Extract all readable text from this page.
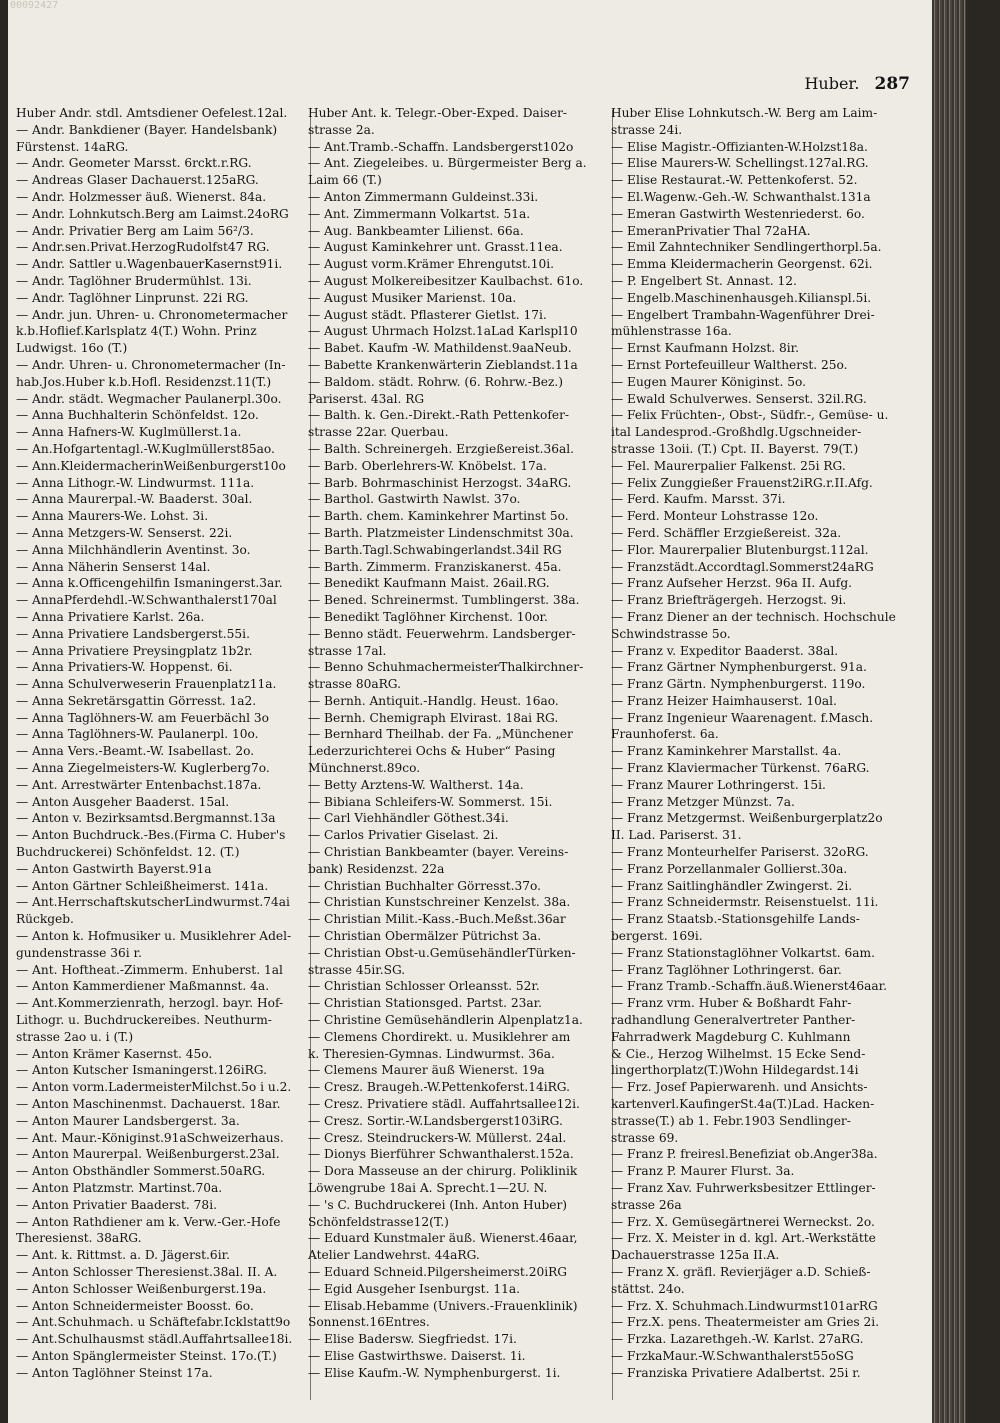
00092427
Huber. 287
Huber Andr. stdl. Amtsdiener Oefelest.12al.
— Andr. Bankdiener (Bayer. Handelsbank)
Fürstenst. 14aRG.
— Andr. Geometer Marsst. 6rckt.r.RG.
— Andreas Glaser Dachauerst.125aRG.
— Andr. Holzmesser äuß. Wienerst. 84a.
— Andr. Lohnkutsch.Berg am Laimst.24oRG
— Andr. Privatier Berg am Laim 56²/3.
— Andr.sen.Privat.HerzogRudolfst47 RG.
— Andr. Sattler u.WagenbauerKasernst91i.
— Andr. Taglöhner Brudermühlst. 13i.
— Andr. Taglöhner Linprunst. 22i RG.
— Andr. jun. Uhren- u. Chronometermacher
k.b.Hoflief.Karlsplatz 4(T.) Wohn. Prinz
Ludwigst. 16o (T.)
— Andr. Uhren- u. Chronometermacher (In-
hab.Jos.Huber k.b.Hofl. Residenzst.11(T.)
— Andr. städt. Wegmacher Paulanerpl.30o.
— Anna Buchhalterin Schönfeldst. 12o.
— Anna Hafners-W. Kuglmüllerst.1a.
— An.Hofgartentagl.-W.Kuglmüllerst85ao.
— Ann.KleidermacherinWeißenburgerst10o
— Anna Lithogr.-W. Lindwurmst. 111a.
— Anna Maurerpal.-W. Baaderst. 30al.
— Anna Maurers-We. Lohst. 3i.
— Anna Metzgers-W. Senserst. 22i.
— Anna Milchhändlerin Aventinst. 3o.
— Anna Näherin Senserst 14al.
— Anna k.Officengehilfin Ismaningerst.3ar.
— AnnaPferdehdl.-W.Schwanthalerst170al
— Anna Privatiere Karlst. 26a.
— Anna Privatiere Landsbergerst.55i.
— Anna Privatiere Preysingplatz 1b2r.
— Anna Privatiers-W. Hoppenst. 6i.
— Anna Schulverweserin Frauenplatz11a.
— Anna Sekretärsgattin Görresst. 1a2.
— Anna Taglöhners-W. am Feuerbächl 3o
— Anna Taglöhners-W. Paulanerpl. 10o.
— Anna Vers.-Beamt.-W. Isabellast. 2o.
— Anna Ziegelmeisters-W. Kuglerberg7o.
— Ant. Arrestwärter Entenbachst.187a.
— Anton Ausgeher Baaderst. 15al.
— Anton v. Bezirksamtsd.Bergmannst.13a
— Anton Buchdruck.-Bes.(Firma C. Huber's
Buchdruckerei) Schönfeldst. 12. (T.)
— Anton Gastwirth Bayerst.91a
— Anton Gärtner Schleißheimerst. 141a.
— Ant.HerrschaftskutscherLindwurmst.74ai
Rückgeb.
— Anton k. Hofmusiker u. Musiklehrer Adel-
gundenstrasse 36i r.
— Ant. Hoftheat.-Zimmerm. Enhuberst. 1al
— Anton Kammerdiener Maßmannst. 4a.
— Ant.Kommerzienrath, herzogl. bayr. Hof-
Lithogr. u. Buchdruckereibes. Neuthurm-
strasse 2ao u. i (T.)
— Anton Krämer Kasernst. 45o.
— Anton Kutscher Ismaningerst.126iRG.
— Anton vorm.LadermeisterMilchst.5o i u.2.
— Anton Maschinenmst. Dachauerst. 18ar.
— Anton Maurer Landsbergerst. 3a.
— Ant. Maur.-Königinst.91aSchweizerhaus.
— Anton Maurerpal. Weißenburgerst.23al.
— Anton Obsthändler Sommerst.50aRG.
— Anton Platzmstr. Martinst.70a.
— Anton Privatier Baaderst. 78i.
— Anton Rathdiener am k. Verw.-Ger.-Hofe
Theresienst. 38aRG.
— Ant. k. Rittmst. a. D. Jägerst.6ir.
— Anton Schlosser Theresienst.38al. II. A.
— Anton Schlosser Weißenburgerst.19a.
— Anton Schneidermeister Boosst. 6o.
— Ant.Schuhmach. u Schäftefabr.Icklstatt9o
— Ant.Schulhausmst städl.Auffahrtsallee18i.
— Anton Spänglermeister Steinst. 17o.(T.)
— Anton Taglöhner Steinst 17a.
Huber Ant. k. Telegr.-Ober-Exped. Daiser-
strasse 2a.
— Ant.Tramb.-Schaffn. Landsbergerst102o
— Ant. Ziegeleibes. u. Bürgermeister Berg a.
Laim 66 (T.)
— Anton Zimmermann Guldeinst.33i.
— Ant. Zimmermann Volkartst. 51a.
— Aug. Bankbeamter Lilienst. 66a.
— August Kaminkehrer unt. Grasst.11ea.
— August vorm.Krämer Ehrengutst.10i.
— August Molkereibesitzer Kaulbachst. 61o.
— August Musiker Marienst. 10a.
— August städt. Pflasterer Gietlst. 17i.
— August Uhrmach Holzst.1aLad Karlspl10
— Babet. Kaufm -W. Mathildenst.9aaNeub.
— Babette Krankenwärterin Zieblandst.11a
— Baldom. städt. Rohrw. (6. Rohrw.-Bez.)
Pariserst. 43al. RG
— Balth. k. Gen.-Direkt.-Rath Pettenkofer-
strasse 22ar. Querbau.
— Balth. Schreinergeh. Erzgießereist.36al.
— Barb. Oberlehrers-W. Knöbelst. 17a.
— Barb. Bohrmaschinist Herzogst. 34aRG.
— Barthol. Gastwirth Nawlst. 37o.
— Barth. chem. Kaminkehrer Martinst 5o.
— Barth. Platzmeister Lindenschmitst 30a.
— Barth.Tagl.Schwabingerlandst.34il RG
— Barth. Zimmerm. Franziskanerst. 45a.
— Benedikt Kaufmann Maist. 26ail.RG.
— Bened. Schreinermst. Tumblingerst. 38a.
— Benedikt Taglöhner Kirchenst. 10or.
— Benno städt. Feuerwehrm. Landsberger-
strasse 17al.
— Benno SchuhmachermeisterThalkirchner-
strasse 80aRG.
— Bernh. Antiquit.-Handlg. Heust. 16ao.
— Bernh. Chemigraph Elvirast. 18ai RG.
— Bernhard Theilhab. der Fa. „Münchener
Lederzurichterei Ochs & Huber“ Pasing
Münchnerst.89co.
— Betty Arztens-W. Waltherst. 14a.
— Bibiana Schleifers-W. Sommerst. 15i.
— Carl Viehhändler Göthest.34i.
— Carlos Privatier Giselast. 2i.
— Christian Bankbeamter (bayer. Vereins-
bank) Residenzst. 22a
— Christian Buchhalter Görresst.37o.
— Christian Kunstschreiner Kenzelst. 38a.
— Christian Milit.-Kass.-Buch.Meßst.36ar
— Christian Obermälzer Pütrichst 3a.
— Christian Obst-u.GemüsehändlerTürken-
strasse 45ir.SG.
— Christian Schlosser Orleansst. 52r.
— Christian Stationsged. Partst. 23ar.
— Christine Gemüsehändlerin Alpenplatz1a.
— Clemens Chordirekt. u. Musiklehrer am
k. Theresien-Gymnas. Lindwurmst. 36a.
— Clemens Maurer äuß Wienerst. 19a
— Cresz. Braugeh.-W.Pettenkoferst.14iRG.
— Cresz. Privatiere städl. Auffahrtsallee12i.
— Cresz. Sortir.-W.Landsbergerst103iRG.
— Cresz. Steindruckers-W. Müllerst. 24al.
— Dionys Bierführer Schwanthalerst.152a.
— Dora Masseuse an der chirurg. Poliklinik
Löwengrube 18ai A. Sprecht.1—2U. N.
— 's C. Buchdruckerei (Inh. Anton Huber)
Schönfeldstrasse12(T.)
— Eduard Kunstmaler äuß. Wienerst.46aar,
Atelier Landwehrst. 44aRG.
— Eduard Schneid.Pilgersheimerst.20iRG
— Egid Ausgeher Isenburgst. 11a.
— Elisab.Hebamme (Univers.-Frauenklinik)
Sonnenst.16Entres.
— Elise Badersw. Siegfriedst. 17i.
— Elise Gastwirthswe. Daiserst. 1i.
— Elise Kaufm.-W. Nymphenburgerst. 1i.
Huber Elise Lohnkutsch.-W. Berg am Laim-
strasse 24i.
— Elise Magistr.-Offizianten-W.Holzst18a.
— Elise Maurers-W. Schellingst.127al.RG.
— Elise Restaurat.-W. Pettenkoferst. 52.
— El.Wagenw.-Geh.-W. Schwanthalst.131a
— Emeran Gastwirth Westenriederst. 6o.
— EmeranPrivatier Thal 72aHA.
— Emil Zahntechniker Sendlingerthorpl.5a.
— Emma Kleidermacherin Georgenst. 62i.
— P. Engelbert St. Annast. 12.
— Engelb.Maschinenhausgeh.Kilianspl.5i.
— Engelbert Trambahn-Wagenführer Drei-
mühlenstrasse 16a.
— Ernst Kaufmann Holzst. 8ir.
— Ernst Portefeuilleur Waltherst. 25o.
— Eugen Maurer Königinst. 5o.
— Ewald Schulverwes. Senserst. 32il.RG.
— Felix Früchten-, Obst-, Südfr.-, Gemüse- u.
ital Landesprod.-Großhdlg.Ugschneider-
strasse 13oii. (T.) Cpt. II. Bayerst. 79(T.)
— Fel. Maurerpalier Falkenst. 25i RG.
— Felix Zunggießer Frauenst2iRG.r.II.Afg.
— Ferd. Kaufm. Marsst. 37i.
— Ferd. Monteur Lohstrasse 12o.
— Ferd. Schäffler Erzgießereist. 32a.
— Flor. Maurerpalier Blutenburgst.112al.
— Franzstädt.Accordtagl.Sommerst24aRG
— Franz Aufseher Herzst. 96a II. Aufg.
— Franz Briefträgergeh. Herzogst. 9i.
— Franz Diener an der technisch. Hochschule
Schwindstrasse 5o.
— Franz v. Expeditor Baaderst. 38al.
— Franz Gärtner Nymphenburgerst. 91a.
— Franz Gärtn. Nymphenburgerst. 119o.
— Franz Heizer Haimhauserst. 10al.
— Franz Ingenieur Waarenagent. f.Masch.
Fraunhoferst. 6a.
— Franz Kaminkehrer Marstallst. 4a.
— Franz Klaviermacher Türkenst. 76aRG.
— Franz Maurer Lothringerst. 15i.
— Franz Metzger Münzst. 7a.
— Franz Metzgermst. Weißenburgerplatz2o
II. Lad. Pariserst. 31.
— Franz Monteurhelfer Pariserst. 32oRG.
— Franz Porzellanmaler Gollierst.30a.
— Franz Saitlinghändler Zwingerst. 2i.
— Franz Schneidermstr. Reisenstuelst. 11i.
— Franz Staatsb.-Stationsgehilfe Lands-
bergerst. 169i.
— Franz Stationstaglöhner Volkartst. 6am.
— Franz Taglöhner Lothringerst. 6ar.
— Franz Tramb.-Schaffn.äuß.Wienerst46aar.
— Franz vrm. Huber & Boßhardt Fahr-
radhandlung Generalvertreter Panther-
Fahrradwerk Magdeburg C. Kuhlmann
& Cie., Herzog Wilhelmst. 15 Ecke Send-
lingerthorplatz(T.)Wohn Hildegardst.14i
— Frz. Josef Papierwarenh. und Ansichts-
kartenverl.KaufingerSt.4a(T.)Lad. Hacken-
strasse(T.) ab 1. Febr.1903 Sendlinger-
strasse 69.
— Franz P. freiresl.Benefiziat ob.Anger38a.
— Franz P. Maurer Flurst. 3a.
— Franz Xav. Fuhrwerksbesitzer Ettlinger-
strasse 26a
— Frz. X. Gemüsegärtnerei Werneckst. 2o.
— Frz. X. Meister in d. kgl. Art.-Werkstätte
Dachauerstrasse 125a II.A.
— Franz X. gräfl. Revierjäger a.D. Schieß-
stättst. 24o.
— Frz. X. Schuhmach.Lindwurmst101arRG
— Frz.X. pens. Theatermeister am Gries 2i.
— Frzka. Lazarethgeh.-W. Karlst. 27aRG.
— FrzkaMaur.-W.Schwanthalerst55oSG
— Franziska Privatiere Adalbertst. 25i r.
